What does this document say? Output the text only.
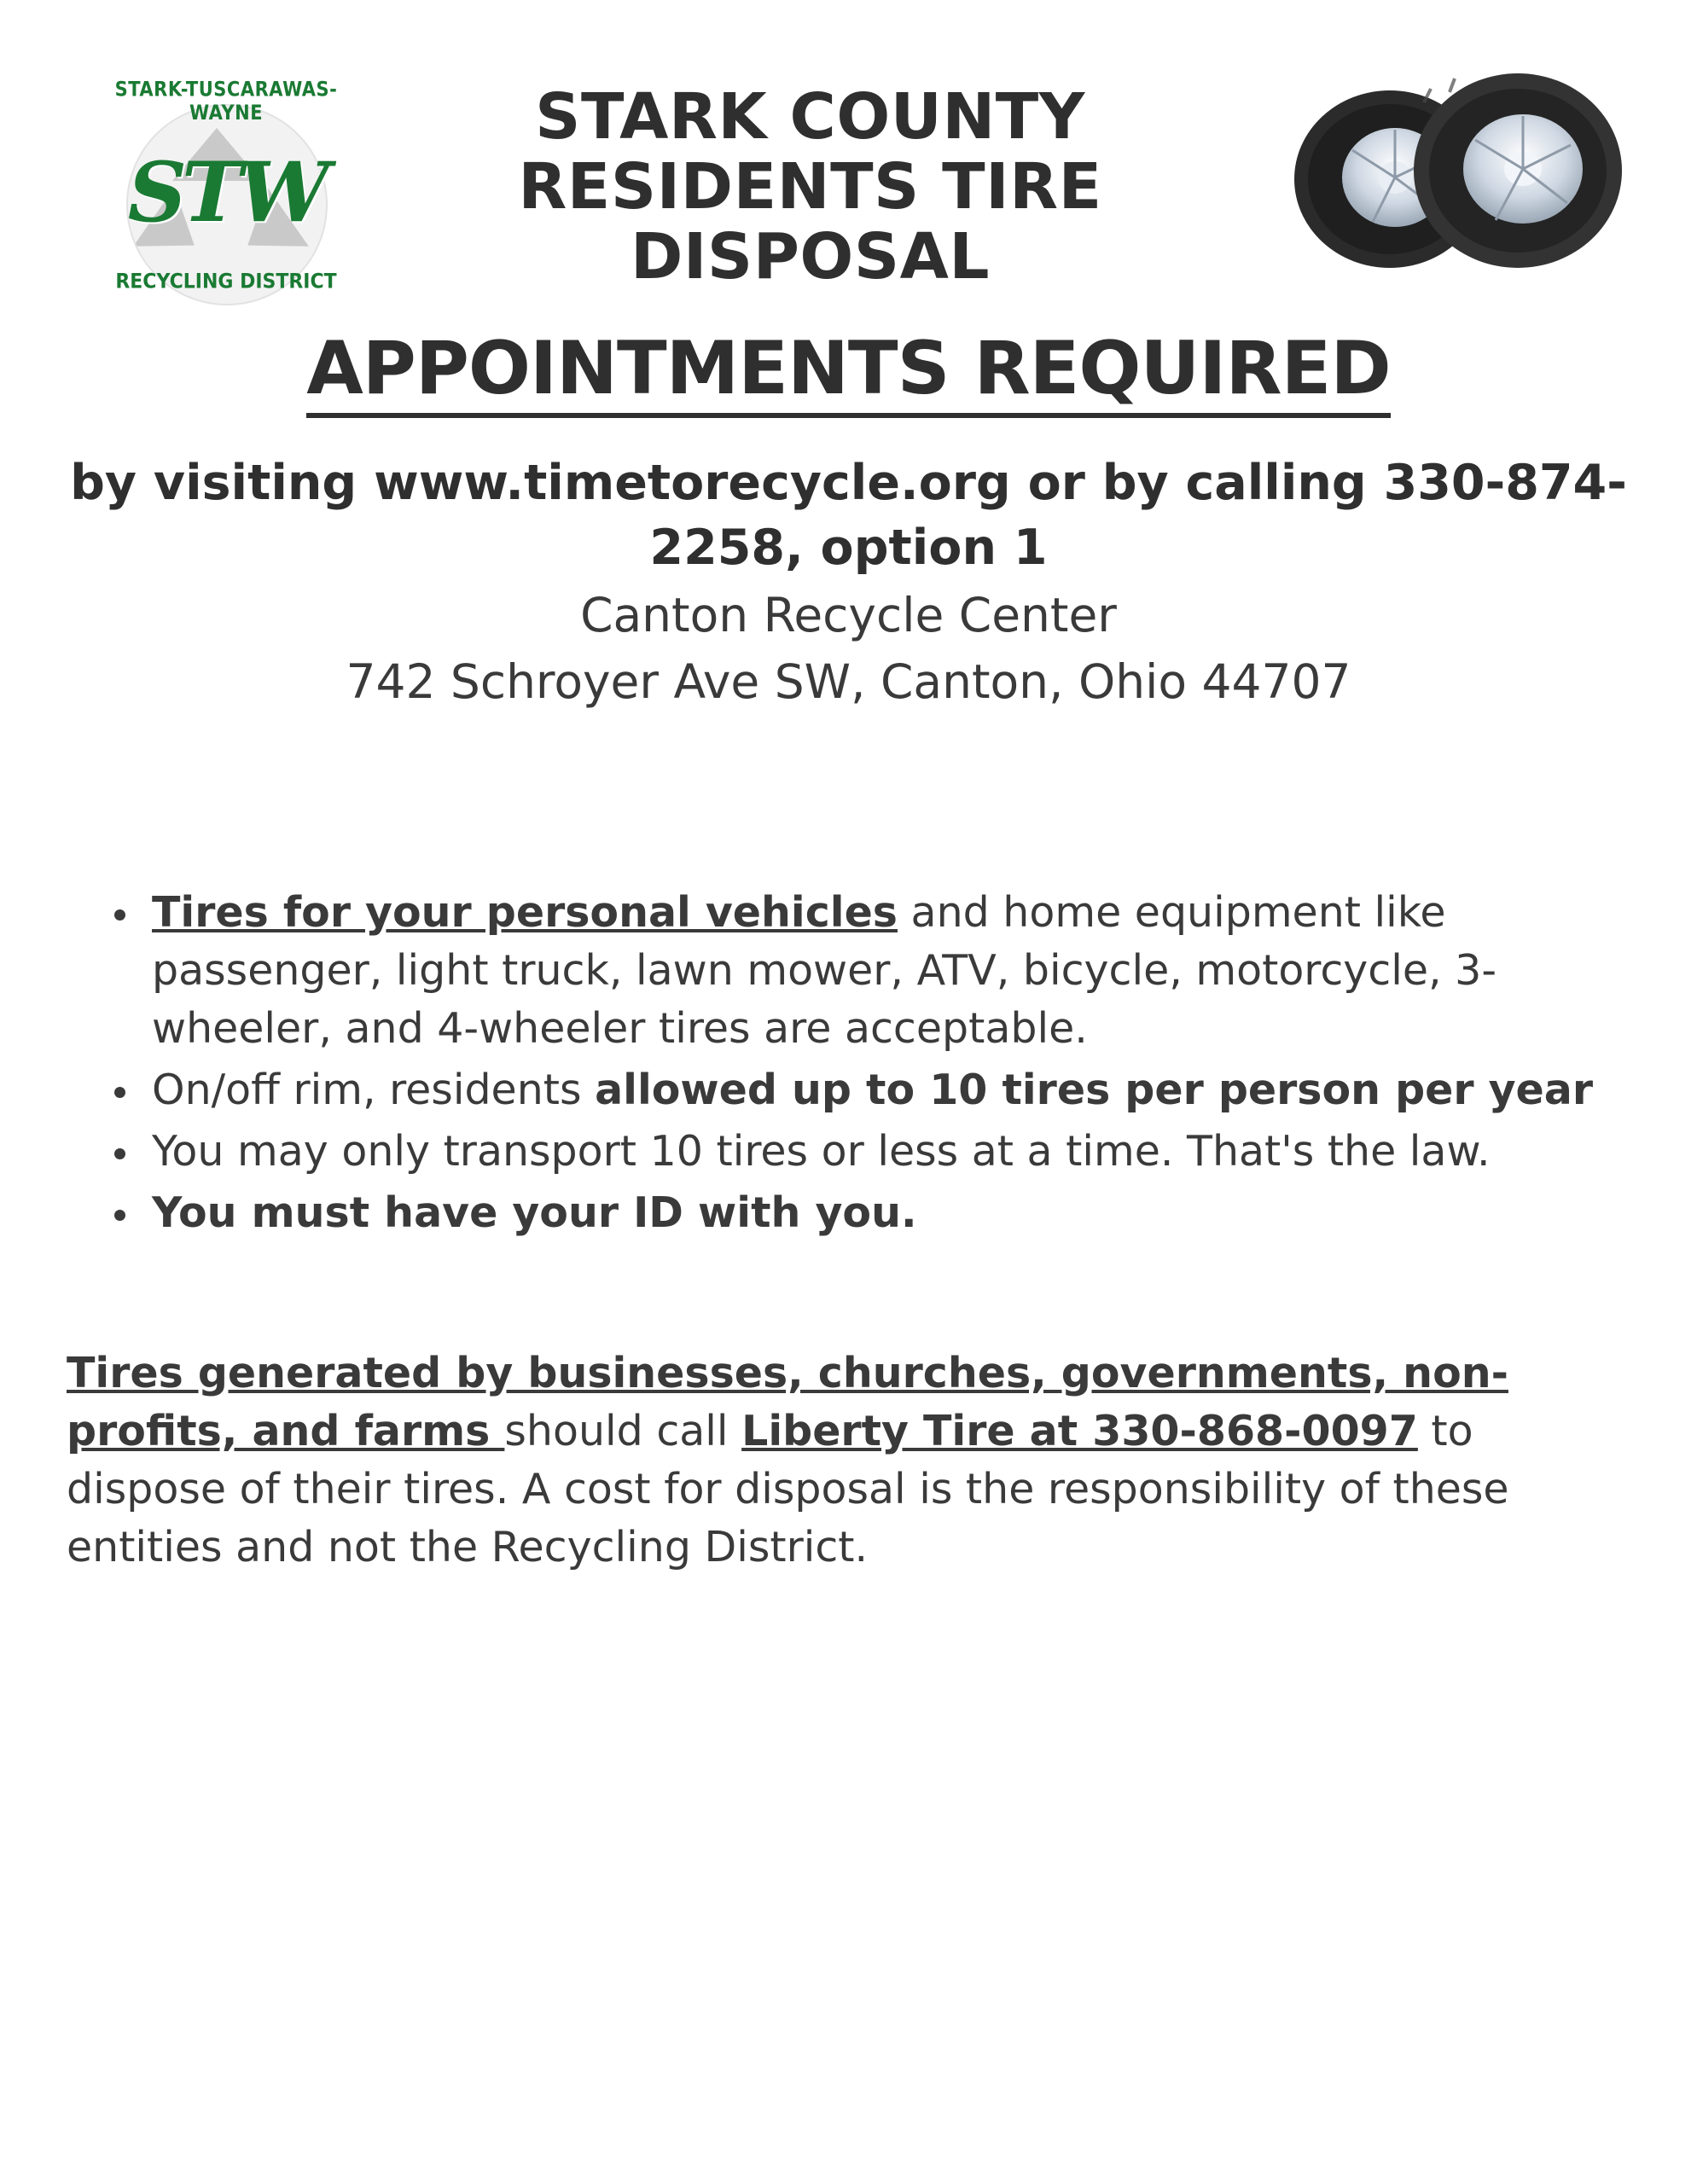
STARK-TUSCARAWAS-WAYNE
STW
RECYCLING DISTRICT
STARK COUNTY RESIDENTS TIRE DISPOSAL
APPOINTMENTS REQUIRED
by visiting www.timetorecycle.org or by calling 330-874-2258, option 1
Canton Recycle Center
742 Schroyer Ave SW, Canton, Ohio 44707
Tires for your personal vehicles and home equipment like passenger, light truck, lawn mower, ATV, bicycle, motorcycle, 3-wheeler, and 4-wheeler tires are acceptable.
On/off rim, residents allowed up to 10 tires per person per year
You may only transport 10 tires or less at a time. That's the law.
You must have your ID with you.
Tires generated by businesses, churches, governments, non-profits, and farms should call Liberty Tire at 330-868-0097 to dispose of their tires. A cost for disposal is the responsibility of these entities and not the Recycling District.
